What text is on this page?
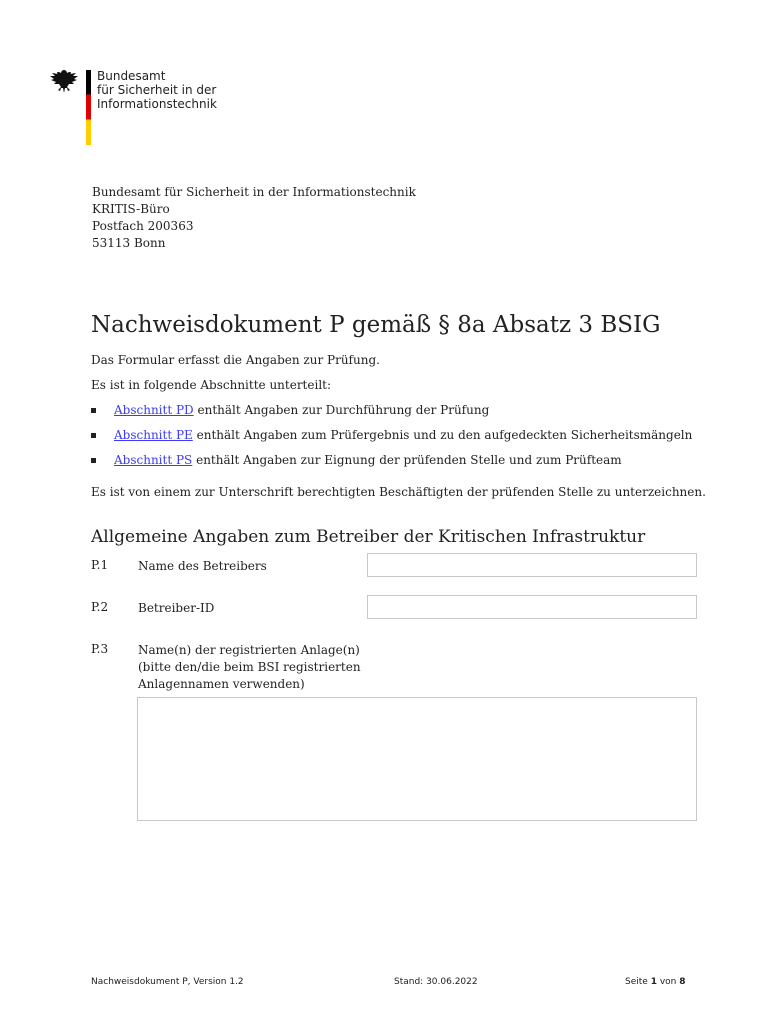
Bundesamt
für Sicherheit in der
Informationstechnik
Bundesamt für Sicherheit in der Informationstechnik
KRITIS-Büro
Postfach 200363
53113 Bonn
Nachweisdokument P gemäß § 8a Absatz 3 BSIG
Das Formular erfasst die Angaben zur Prüfung.
Es ist in folgende Abschnitte unterteilt:
Abschnitt PD enthält Angaben zur Durchführung der Prüfung
Abschnitt PE enthält Angaben zum Prüfergebnis und zu den aufgedeckten Sicherheitsmängeln
Abschnitt PS enthält Angaben zur Eignung der prüfenden Stelle und zum Prüfteam
Es ist von einem zur Unterschrift berechtigten Beschäftigten der prüfenden Stelle zu unterzeichnen.
Allgemeine Angaben zum Betreiber der Kritischen Infrastruktur
P.1 Name des Betreibers
P.2 Betreiber-ID
P.3 Name(n) der registrierten Anlage(n)
(bitte den/die beim BSI registrierten
Anlagennamen verwenden)
Nachweisdokument P, Version 1.2	Stand: 30.06.2022	Seite 1 von 8
